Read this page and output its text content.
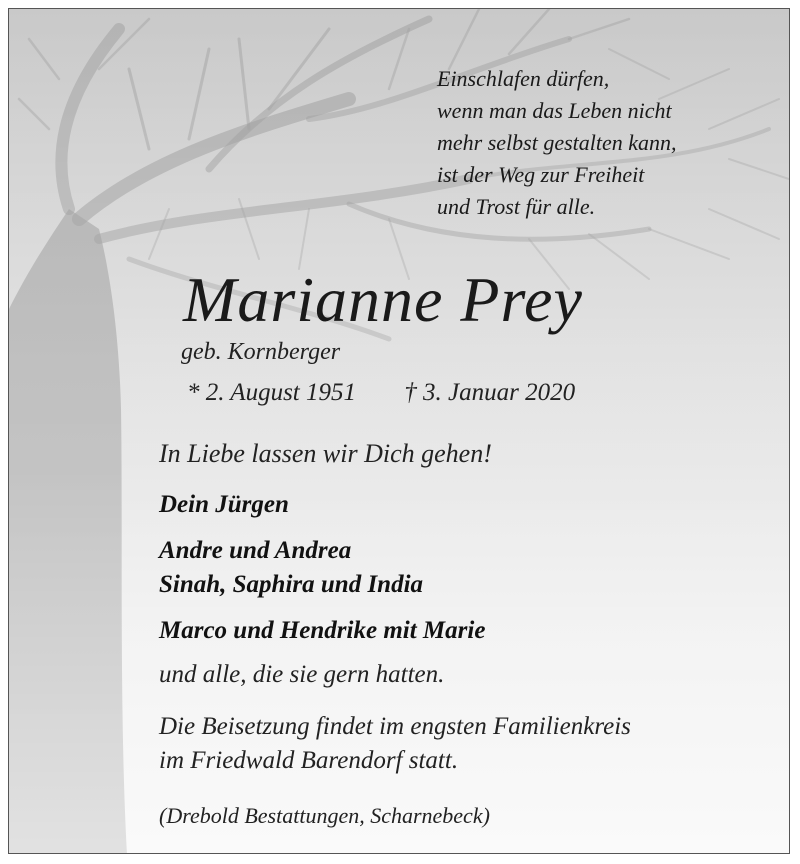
Einschlafen dürfen,
wenn man das Leben nicht
mehr selbst gestalten kann,
ist der Weg zur Freiheit
und Trost für alle.
Marianne Prey
geb. Kornberger
* 2. August 1951 † 3. Januar 2020
In Liebe lassen wir Dich gehen!
Dein Jürgen
Andre und Andrea
Sinah, Saphira und India
Marco und Hendrike mit Marie
und alle, die sie gern hatten.
Die Beisetzung findet im engsten Familienkreis
im Friedwald Barendorf statt.
(Drebold Bestattungen, Scharnebeck)
